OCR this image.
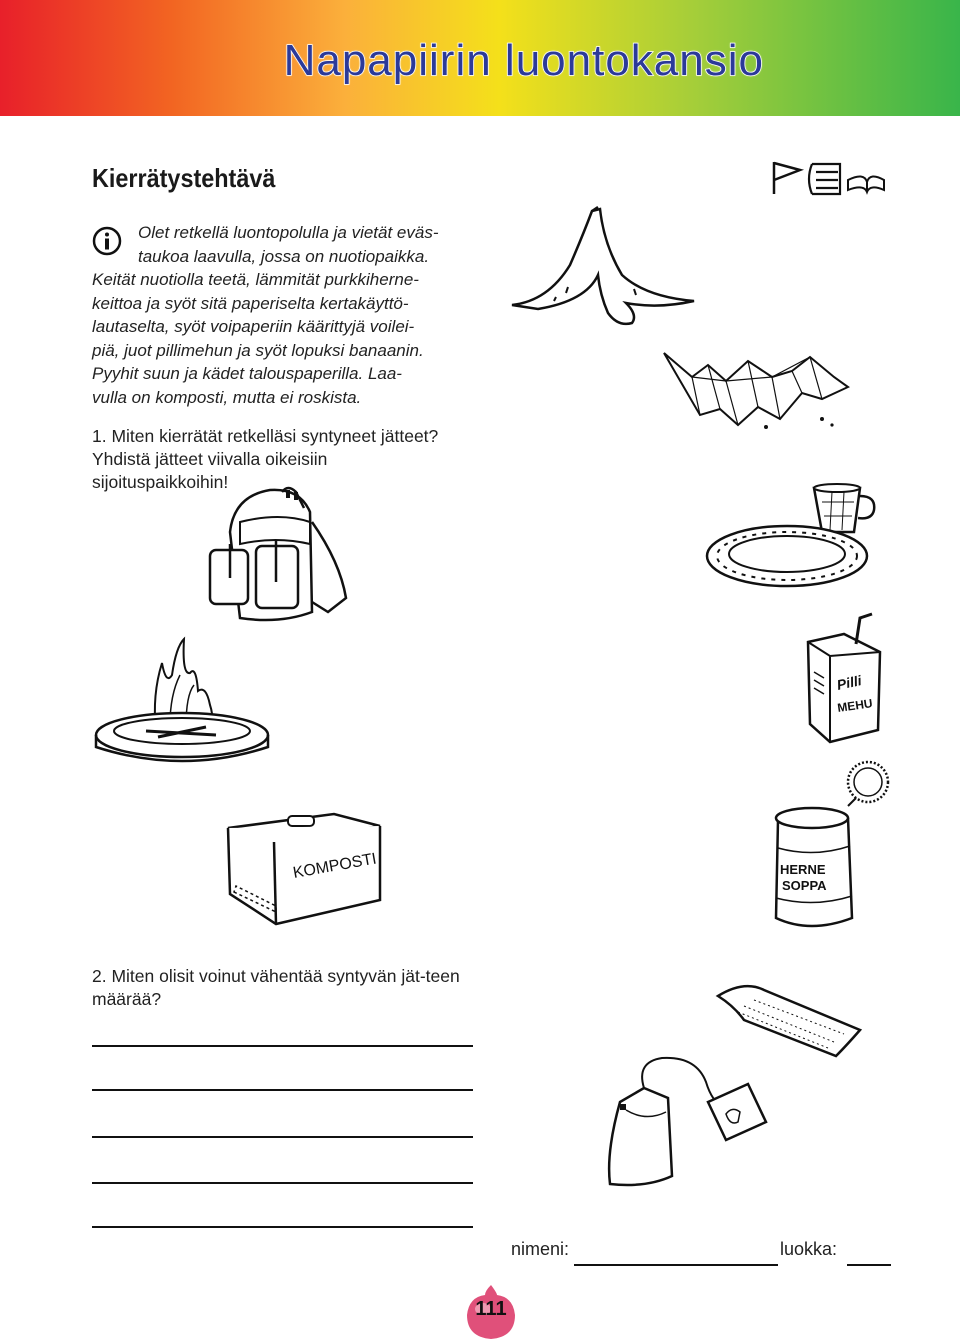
Napapiirin luontokansio
Kierrätystehtävä
Olet retkellä luontopolulla ja vietät eväs-
taukoa laavulla, jossa on nuotiopaikka.
Keität nuotiolla teetä, lämmität purkkiherne-
keittoa ja syöt sitä paperiselta kertakäyttö-
lautaselta, syöt voipaperiin käärittyjä voilei-
piä, juot pillimehun ja syöt lopuksi banaanin.
Pyyhit suun ja kädet talouspaperilla. Laa-
vulla on komposti, mutta ei roskista.
1. Miten kierrätät retkelläsi syntyneet jätteet? Yhdistä jätteet viivalla oikeisiin sijoituspaikkoihin!
2. Miten olisit voinut vähentää syntyvän jät-teen määrää?
Pilli
MEHU
KOMPOSTI	HERNE
SOPPA
nimeni:	luokka:
111
